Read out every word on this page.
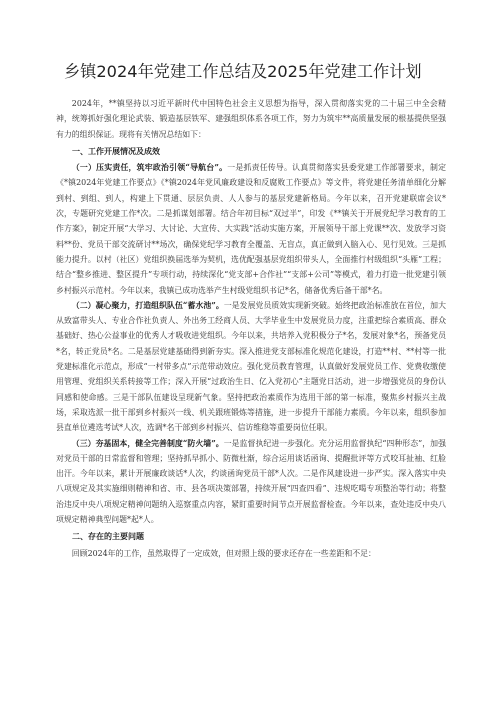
乡镇2024年党建工作总结及2025年党建工作计划

2024年，**镇坚持以习近平新时代中国特色社会主义思想为指导，深入贯彻落实党的二十届三中全会精神，统筹抓好强化理论武装、锻造基层铁军、建强组织体系各项工作，努力为筑牢**高质量发展的根基提供坚强有力的组织保证。现将有关情况总结如下：

一、工作开展情况及成效

（一）压实责任，筑牢政治引领“导航台”。一是抓责任传导。认真贯彻落实县委党建工作部署要求，制定《*镇2024年党建工作要点》《*镇2024年党风廉政建设和反腐败工作要点》等文件，将党建任务清单细化分解到村、到组、到人，构建上下贯通、层层负责、人人参与的基层党建新格局。今年以来，召开党建联席会议*次，专题研究党建工作*次。二是抓谋划部署。结合年初目标“双过半”，印发《**镇关于开展党纪学习教育的工作方案》，制定开展“大学习、大讨论、大宣传、大实践”活动实施方案，开展领导干部上党课**次、发放学习资料**份、党员干部交流研讨**场次，确保党纪学习教育全覆盖、无盲点，真正做到入脑入心、见行见效。三是抓能力提升。以村（社区）党组织换届选举为契机，选优配强基层党组织带头人，全面推行村级组织“头雁”工程；结合“整乡推进、整区提升”专项行动，持续深化“党支部+合作社”“支部+公司”等模式，着力打造一批党建引领乡村振兴示范村。今年以来，我镇已成功选举产生村级党组织书记*名，储备优秀后备干部*名。

（二）凝心聚力，打造组织队伍“蓄水池”。一是发展党员质效实现新突破。始终把政治标准放在首位，加大从致富带头人、专业合作社负责人、外出务工经商人员、大学毕业生中发展党员力度，注重把综合素质高、群众基础好、热心公益事业的优秀人才吸收进党组织。今年以来，共培养入党积极分子*名，发展对象*名，预备党员*名，转正党员*名。二是基层党建基础得到新夯实。深入推进党支部标准化规范化建设，打造**村、**村等一批党建标准化示范点，形成“一村带多点”示范带动效应。强化党员教育管理，认真做好发展党员工作、党费收缴使用管理、党组织关系转接等工作；深入开展“过政治生日、亿入党初心”主题党日活动，进一步增强党员的身份认同感和使命感。三是干部队伍建设呈现新气象。坚持把政治素质作为选用干部的第一标准，聚焦乡村振兴主战场，采取选派一批干部到乡村振兴一线、机关跟班锻炼等措施，进一步提升干部能力素质。今年以来，组织参加县直单位遴选考试*人次，选调*名干部到乡村振兴、信访维稳等重要岗位任职。

（三）夯基固本，健全完善制度“防火墙”。一是监督执纪进一步强化。充分运用监督执纪“四种形态”，加强对党员干部的日常监督和管理；坚持抓早抓小、防微杜渐，综合运用谈话函询、提醒批评等方式咬耳扯袖、红脸出汗。今年以来，累计开展廉政谈话*人次，约谈函询党员干部*人次。二是作风建设进一步严实。深入落实中央八项规定及其实施细则精神和省、市、县各项决策部署，持续开展“四查四看”、违规吃喝专项整治等行动；将整治违反中央八项规定精神问题纳入巡察重点内容，紧盯重要时间节点开展监督检查。今年以来，查处违反中央八项规定精神典型问题*起*人。

二、存在的主要问题

回顾2024年的工作，虽然取得了一定成效，但对照上级的要求还存在一些差距和不足：
